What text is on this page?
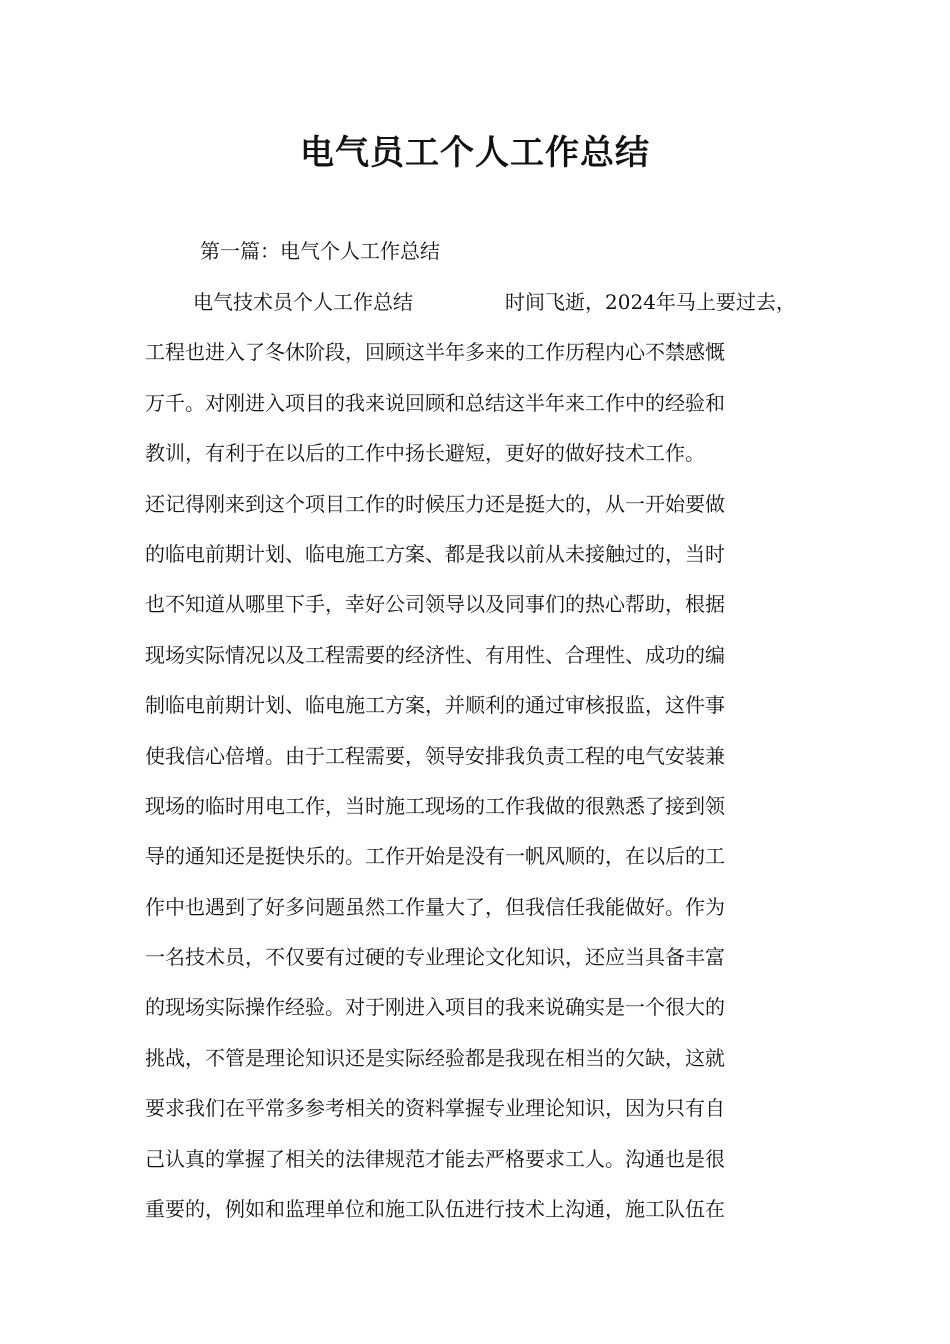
电气员工个人工作总结
第一篇：电气个人工作总结
电气技术员个人工作总结	时间飞逝，2024年马上要过去，
工程也进入了冬休阶段，回顾这半年多来的工作历程内心不禁感慨
万千。对刚进入项目的我来说回顾和总结这半年来工作中的经验和
教训，有利于在以后的工作中扬长避短，更好的做好技术工作。
还记得刚来到这个项目工作的时候压力还是挺大的，从一开始要做
的临电前期计划、临电施工方案、都是我以前从未接触过的，当时
也不知道从哪里下手，幸好公司领导以及同事们的热心帮助，根据
现场实际情况以及工程需要的经济性、有用性、合理性、成功的编
制临电前期计划、临电施工方案，并顺利的通过审核报监，这件事
使我信心倍增。由于工程需要，领导安排我负责工程的电气安装兼
现场的临时用电工作，当时施工现场的工作我做的很熟悉了接到领
导的通知还是挺快乐的。工作开始是没有一帆风顺的，在以后的工
作中也遇到了好多问题虽然工作量大了，但我信任我能做好。作为
一名技术员，不仅要有过硬的专业理论文化知识，还应当具备丰富
的现场实际操作经验。对于刚进入项目的我来说确实是一个很大的
挑战，不管是理论知识还是实际经验都是我现在相当的欠缺，这就
要求我们在平常多参考相关的资料掌握专业理论知识，因为只有自
己认真的掌握了相关的法律规范才能去严格要求工人。沟通也是很
重要的，例如和监理单位和施工队伍进行技术上沟通，施工队伍在
